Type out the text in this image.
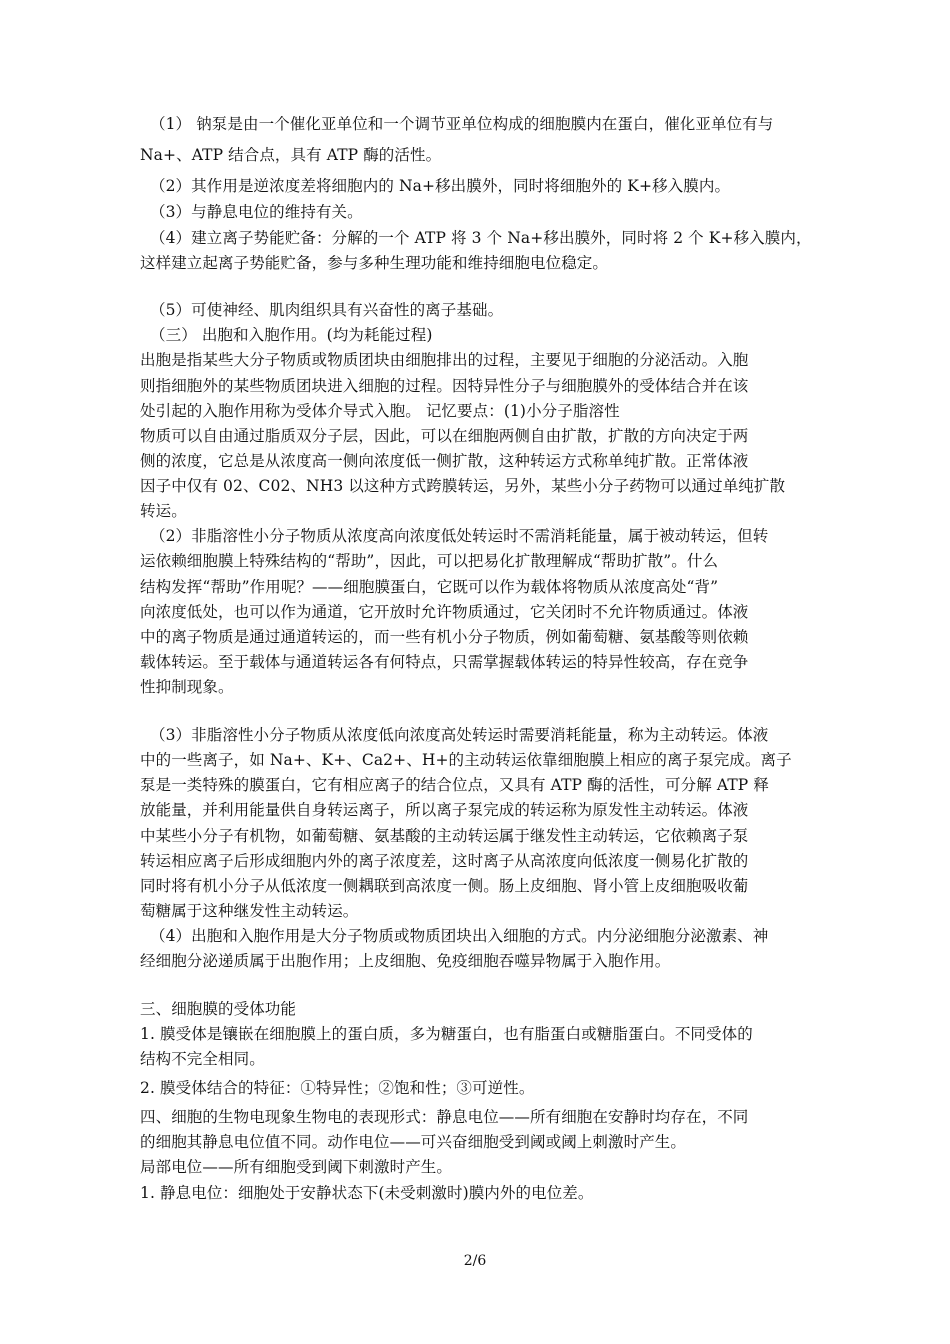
（1） 钠泵是由一个催化亚单位和一个调节亚单位构成的细胞膜内在蛋白，催化亚单位有与
Na+、ATP 结合点，具有 ATP 酶的活性。
（2）其作用是逆浓度差将细胞内的 Na+移出膜外，同时将细胞外的 K+移入膜内。
（3）与静息电位的维持有关。
（4）建立离子势能贮备：分解的一个 ATP 将 3 个 Na+移出膜外，同时将 2 个 K+移入膜内，
这样建立起离子势能贮备，参与多种生理功能和维持细胞电位稳定。
（5）可使神经、肌肉组织具有兴奋性的离子基础。
（三） 出胞和入胞作用。(均为耗能过程)
出胞是指某些大分子物质或物质团块由细胞排出的过程，主要见于细胞的分泌活动。入胞
则指细胞外的某些物质团块进入细胞的过程。因特异性分子与细胞膜外的受体结合并在该
处引起的入胞作用称为受体介导式入胞。 记忆要点：(1)小分子脂溶性
物质可以自由通过脂质双分子层，因此，可以在细胞两侧自由扩散，扩散的方向决定于两
侧的浓度，它总是从浓度高一侧向浓度低一侧扩散，这种转运方式称单纯扩散。正常体液
因子中仅有 02、C02、NH3 以这种方式跨膜转运，另外，某些小分子药物可以通过单纯扩散
转运。
（2）非脂溶性小分子物质从浓度高向浓度低处转运时不需消耗能量，属于被动转运，但转
运依赖细胞膜上特殊结构的“帮助”，因此，可以把易化扩散理解成“帮助扩散”。什么
结构发挥“帮助”作用呢？——细胞膜蛋白，它既可以作为载体将物质从浓度高处“背”
向浓度低处，也可以作为通道，它开放时允许物质通过，它关闭时不允许物质通过。体液
中的离子物质是通过通道转运的，而一些有机小分子物质，例如葡萄糖、氨基酸等则依赖
载体转运。至于载体与通道转运各有何特点，只需掌握载体转运的特异性较高，存在竞争
性抑制现象。
（3）非脂溶性小分子物质从浓度低向浓度高处转运时需要消耗能量，称为主动转运。体液
中的一些离子，如 Na+、K+、Ca2+、H+的主动转运依靠细胞膜上相应的离子泵完成。离子
泵是一类特殊的膜蛋白，它有相应离子的结合位点，又具有 ATP 酶的活性，可分解 ATP 释
放能量，并利用能量供自身转运离子，所以离子泵完成的转运称为原发性主动转运。体液
中某些小分子有机物，如葡萄糖、氨基酸的主动转运属于继发性主动转运，它依赖离子泵
转运相应离子后形成细胞内外的离子浓度差，这时离子从高浓度向低浓度一侧易化扩散的
同时将有机小分子从低浓度一侧耦联到高浓度一侧。肠上皮细胞、肾小管上皮细胞吸收葡
萄糖属于这种继发性主动转运。
（4）出胞和入胞作用是大分子物质或物质团块出入细胞的方式。内分泌细胞分泌激素、神
经细胞分泌递质属于出胞作用；上皮细胞、免疫细胞吞噬异物属于入胞作用。
三、细胞膜的受体功能
1. 膜受体是镶嵌在细胞膜上的蛋白质，多为糖蛋白，也有脂蛋白或糖脂蛋白。不同受体的
结构不完全相同。
2. 膜受体结合的特征：①特异性；②饱和性；③可逆性。
四、细胞的生物电现象生物电的表现形式：静息电位——所有细胞在安静时均存在，不同
的细胞其静息电位值不同。动作电位——可兴奋细胞受到阈或阈上刺激时产生。
局部电位——所有细胞受到阈下刺激时产生。
1. 静息电位：细胞处于安静状态下(未受刺激时)膜内外的电位差。
2/6
